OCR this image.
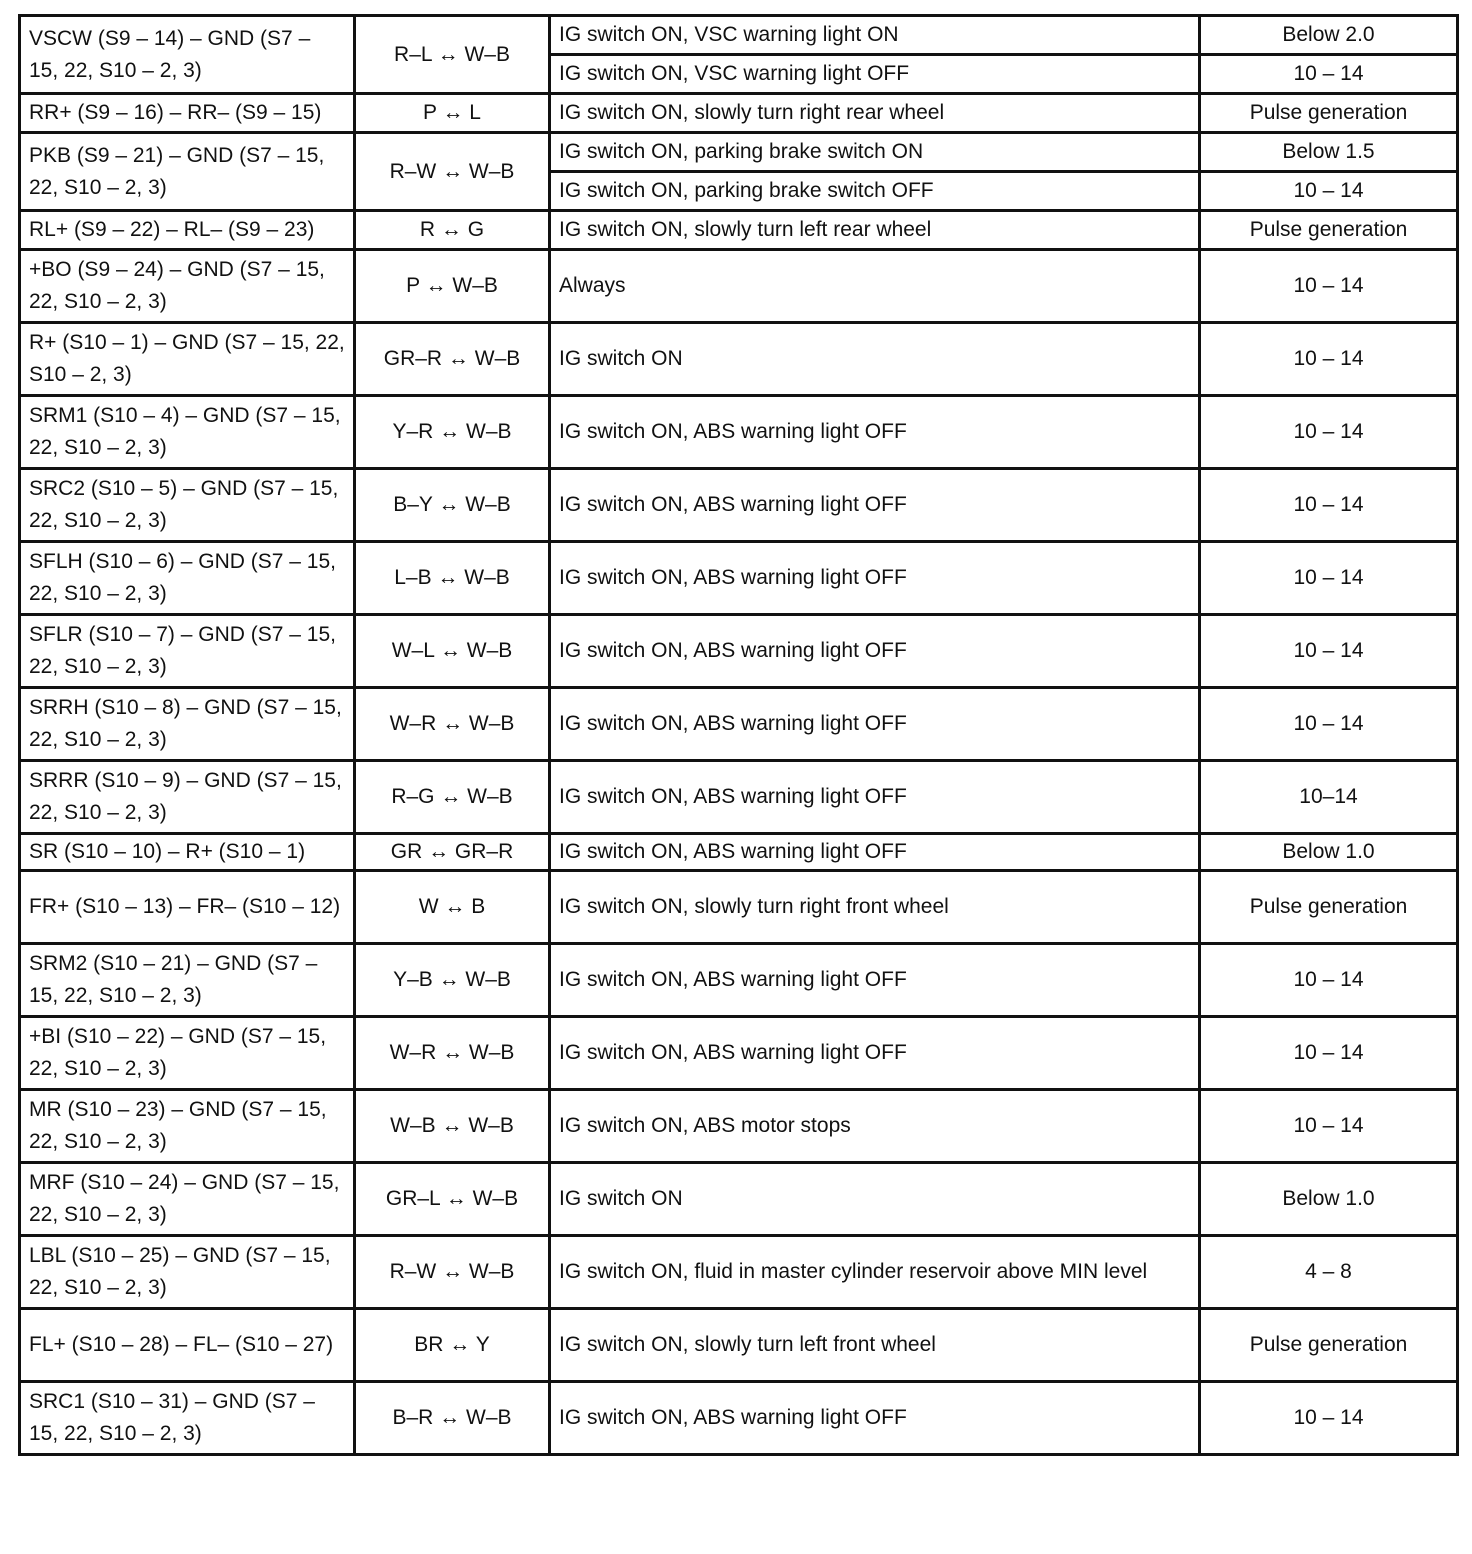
VSCW (S9 – 14) – GND (S7 – 15, 22, S10 – 2, 3)	R–L ↔ W–B	IG switch ON, VSC warning light ON	Below 2.0
		IG switch ON, VSC warning light OFF	10 – 14
RR+ (S9 – 16) – RR– (S9 – 15)	P ↔ L	IG switch ON, slowly turn right rear wheel	Pulse generation
PKB (S9 – 21) – GND (S7 – 15, 22, S10 – 2, 3)	R–W ↔ W–B	IG switch ON, parking brake switch ON	Below 1.5
		IG switch ON, parking brake switch OFF	10 – 14
RL+ (S9 – 22) – RL– (S9 – 23)	R ↔ G	IG switch ON, slowly turn left rear wheel	Pulse generation
+BO (S9 – 24) – GND (S7 – 15, 22, S10 – 2, 3)	P ↔ W–B	Always	10 – 14
R+ (S10 – 1) – GND (S7 – 15, 22, S10 – 2, 3)	GR–R ↔ W–B	IG switch ON	10 – 14
SRM1 (S10 – 4) – GND (S7 – 15, 22, S10 – 2, 3)	Y–R ↔ W–B	IG switch ON, ABS warning light OFF	10 – 14
SRC2 (S10 – 5) – GND (S7 – 15, 22, S10 – 2, 3)	B–Y ↔ W–B	IG switch ON, ABS warning light OFF	10 – 14
SFLH (S10 – 6) – GND (S7 – 15, 22, S10 – 2, 3)	L–B ↔ W–B	IG switch ON, ABS warning light OFF	10 – 14
SFLR (S10 – 7) – GND (S7 – 15, 22, S10 – 2, 3)	W–L ↔ W–B	IG switch ON, ABS warning light OFF	10 – 14
SRRH (S10 – 8) – GND (S7 – 15, 22, S10 – 2, 3)	W–R ↔ W–B	IG switch ON, ABS warning light OFF	10 – 14
SRRR (S10 – 9) – GND (S7 – 15, 22, S10 – 2, 3)	R–G ↔ W–B	IG switch ON, ABS warning light OFF	10–14
SR (S10 – 10) – R+ (S10 – 1)	GR ↔ GR–R	IG switch ON, ABS warning light OFF	Below 1.0
FR+ (S10 – 13) – FR– (S10 – 12)	W ↔ B	IG switch ON, slowly turn right front wheel	Pulse generation
SRM2 (S10 – 21) – GND (S7 – 15, 22, S10 – 2, 3)	Y–B ↔ W–B	IG switch ON, ABS warning light OFF	10 – 14
+BI (S10 – 22) – GND (S7 – 15, 22, S10 – 2, 3)	W–R ↔ W–B	IG switch ON, ABS warning light OFF	10 – 14
MR (S10 – 23) – GND (S7 – 15, 22, S10 – 2, 3)	W–B ↔ W–B	IG switch ON, ABS motor stops	10 – 14
MRF (S10 – 24) – GND (S7 – 15, 22, S10 – 2, 3)	GR–L ↔ W–B	IG switch ON	Below 1.0
LBL (S10 – 25) – GND (S7 – 15, 22, S10 – 2, 3)	R–W ↔ W–B	IG switch ON, fluid in master cylinder reservoir above MIN level	4 – 8
FL+ (S10 – 28) – FL– (S10 – 27)	BR ↔ Y	IG switch ON, slowly turn left front wheel	Pulse generation
SRC1 (S10 – 31) – GND (S7 – 15, 22, S10 – 2, 3)	B–R ↔ W–B	IG switch ON, ABS warning light OFF	10 – 14
